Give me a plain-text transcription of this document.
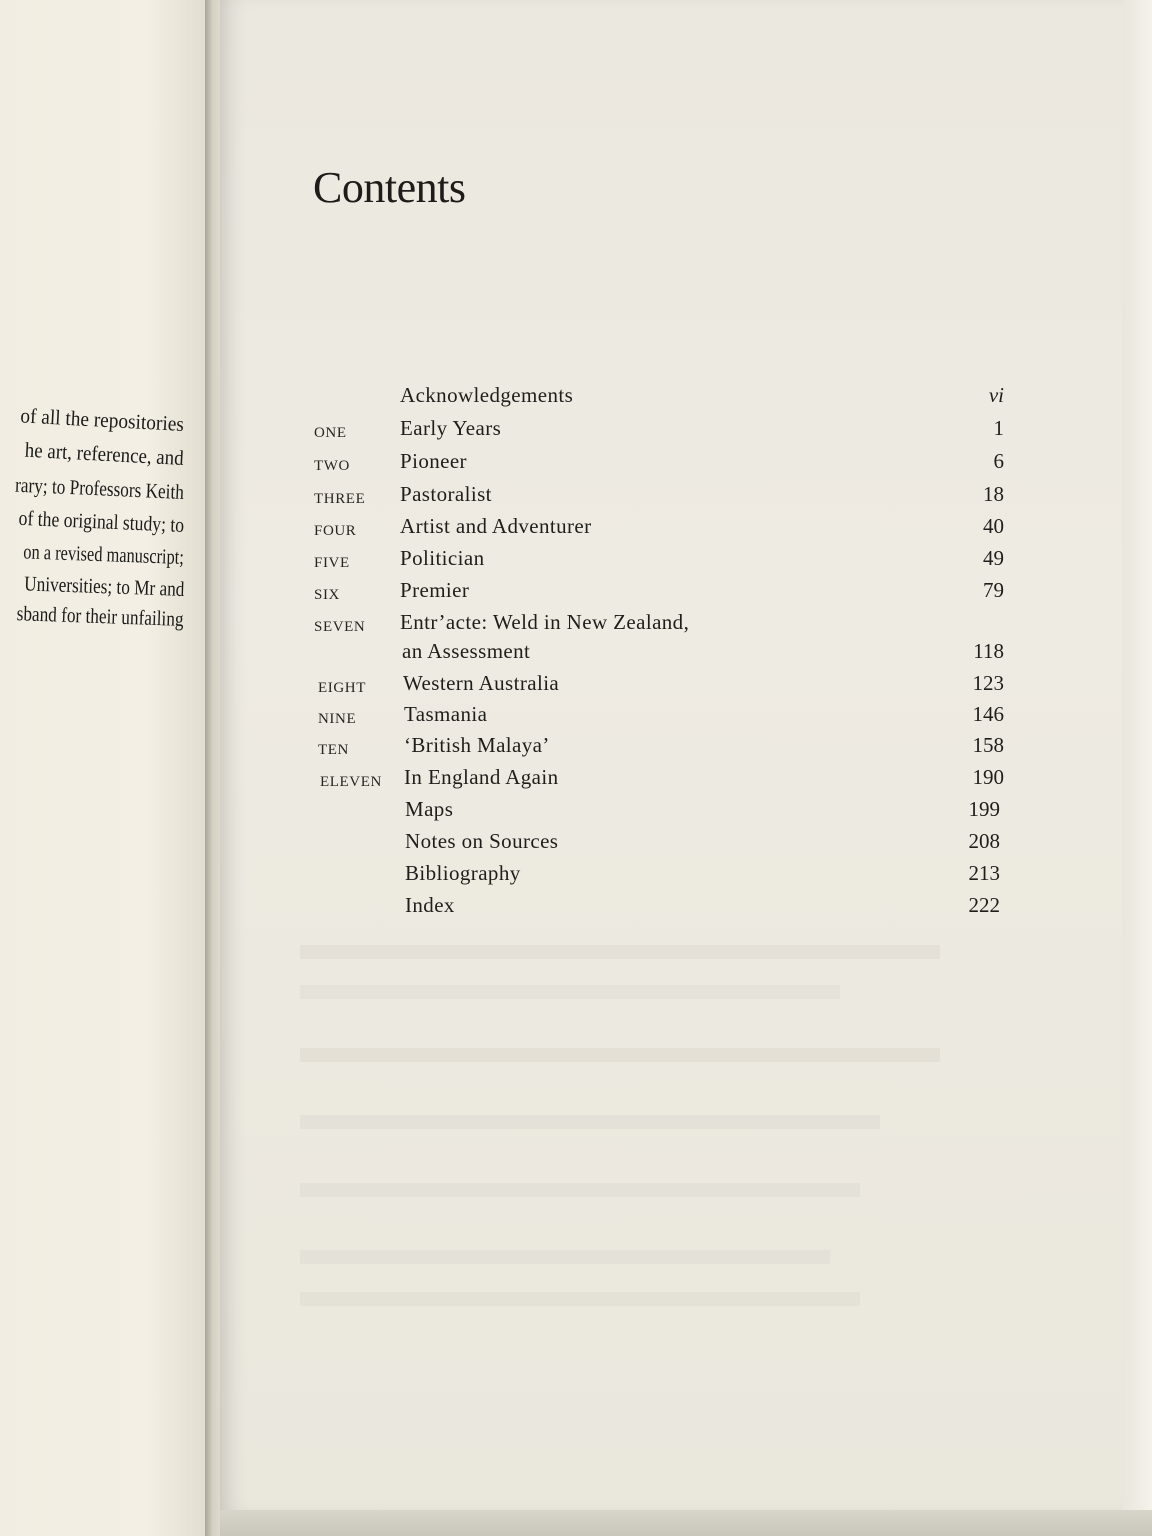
of all the repositories
he art, reference, and
rary; to Professors Keith
of the original study; to
on a revised manuscript;
Universities; to Mr and
sband for their unfailing
Contents
Acknowledgements	vi
ONE	Early Years	1
TWO Pioneer	6
THREE Pastoralist	18
FOUR Artist and Adventurer	40
FIVE Politician	49
SIX	Premier	79
SEVEN Entr’acte: Weld in New Zealand,
an Assessment	118
EIGHT Western Australia	123
NINE Tasmania	146
TEN	‘British Malaya’	158
ELEVEN In England Again	190
Maps	199
Notes on Sources	208
Bibliography	213
Index	222
